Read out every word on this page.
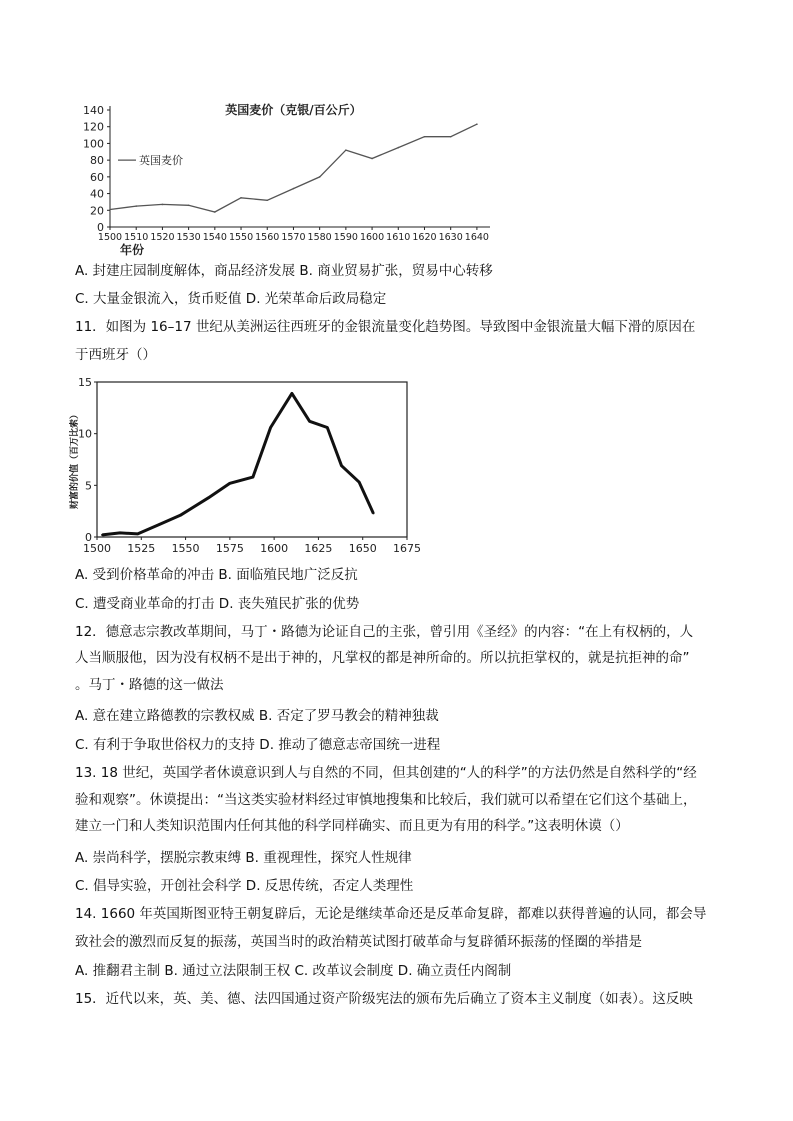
0
20
40
60
80
100
120
140
1500 1510 1520 1530 1540 1550 1560 1570 1580 1590 1600 1610 1620 1630 1640
年份
英国麦价（克银/百公斤）
英国麦价
A. 封建庄园制度解体，商品经济发展 B. 商业贸易扩张，贸易中心转移
C. 大量金银流入，货币贬值 D. 光荣革命后政局稳定
11．如图为 16–17 世纪从美洲运往西班牙的金银流量变化趋势图。导致图中金银流量大幅下滑的原因在
于西班牙（）
0
5
10
15
1500 1525 1550 1575 1600 1625 1650 1675
财富的价值（百万比索）
A. 受到价格革命的冲击 B. 面临殖民地广泛反抗
C. 遭受商业革命的打击 D. 丧失殖民扩张的优势
12．德意志宗教改革期间，马丁・路德为论证自己的主张，曾引用《圣经》的内容：“在上有权柄的，人
人当顺服他，因为没有权柄不是出于神的，凡掌权的都是神所命的。所以抗拒掌权的，就是抗拒神的命”
。马丁・路德的这一做法
A. 意在建立路德教的宗教权威 B. 否定了罗马教会的精神独裁
C. 有利于争取世俗权力的支持 D. 推动了德意志帝国统一进程
13. 18 世纪，英国学者休谟意识到人与自然的不同，但其创建的“人的科学”的方法仍然是自然科学的“经
验和观察”。休谟提出：“当这类实验材料经过审慎地搜集和比较后，我们就可以希望在它们这个基础上，
建立一门和人类知识范围内任何其他的科学同样确实、而且更为有用的科学。”这表明休谟（）
A. 崇尚科学，摆脱宗教束缚 B. 重视理性，探究人性规律
C. 倡导实验，开创社会科学 D. 反思传统，否定人类理性
14. 1660 年英国斯图亚特王朝复辟后，无论是继续革命还是反革命复辟，都难以获得普遍的认同，都会导
致社会的激烈而反复的振荡，英国当时的政治精英试图打破革命与复辟循环振荡的怪圈的举措是
A. 推翻君主制 B. 通过立法限制王权 C. 改革议会制度 D. 确立责任内阁制
15．近代以来，英、美、德、法四国通过资产阶级宪法的颁布先后确立了资本主义制度（如表）。这反映
